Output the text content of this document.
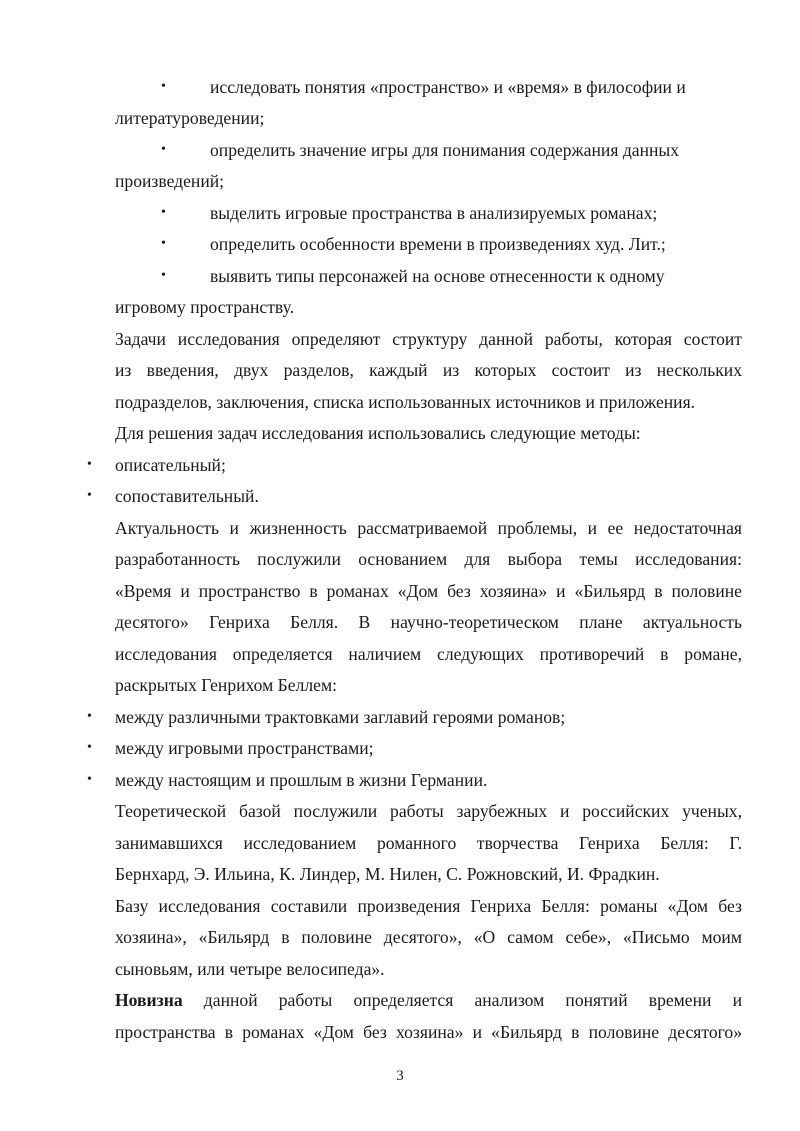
•	исследовать понятия «пространство» и «время» в философии и
литературоведении;
•	определить значение игры для понимания содержания данных
произведений;
•	выделить игровые пространства в анализируемых романах;
•	определить особенности времени в произведениях худ. Лит.;
•	выявить типы персонажей на основе отнесенности к одному
игровому пространству.
Задачи исследования определяют структуру данной работы, которая состоит
из введения, двух разделов, каждый из которых состоит из нескольких
подразделов, заключения, списка использованных источников и приложения.
Для решения задач исследования использовались следующие методы:
• описательный;
• сопоставительный.
Актуальность и жизненность рассматриваемой проблемы, и ее недостаточная
разработанность послужили основанием для выбора темы исследования:
«Время и пространство в романах «Дом без хозяина» и «Бильярд в половине
десятого» Генриха Белля. В научно-теоретическом плане актуальность
исследования определяется наличием следующих противоречий в романе,
раскрытых Генрихом Беллем:
• между различными трактовками заглавий героями романов;
• между игровыми пространствами;
• между настоящим и прошлым в жизни Германии.
Теоретической базой послужили работы зарубежных и российских ученых,
занимавшихся исследованием романного творчества Генриха Белля: Г.
Бернхард, Э. Ильина, К. Линдер, М. Нилен, С. Рожновский, И. Фрадкин.
Базу исследования составили произведения Генриха Белля: романы «Дом без
хозяина», «Бильярд в половине десятого», «О самом себе», «Письмо моим
сыновьям, или четыре велосипеда».
Новизна данной работы определяется анализом понятий времени и
пространства в романах «Дом без хозяина» и «Бильярд в половине десятого»
3
